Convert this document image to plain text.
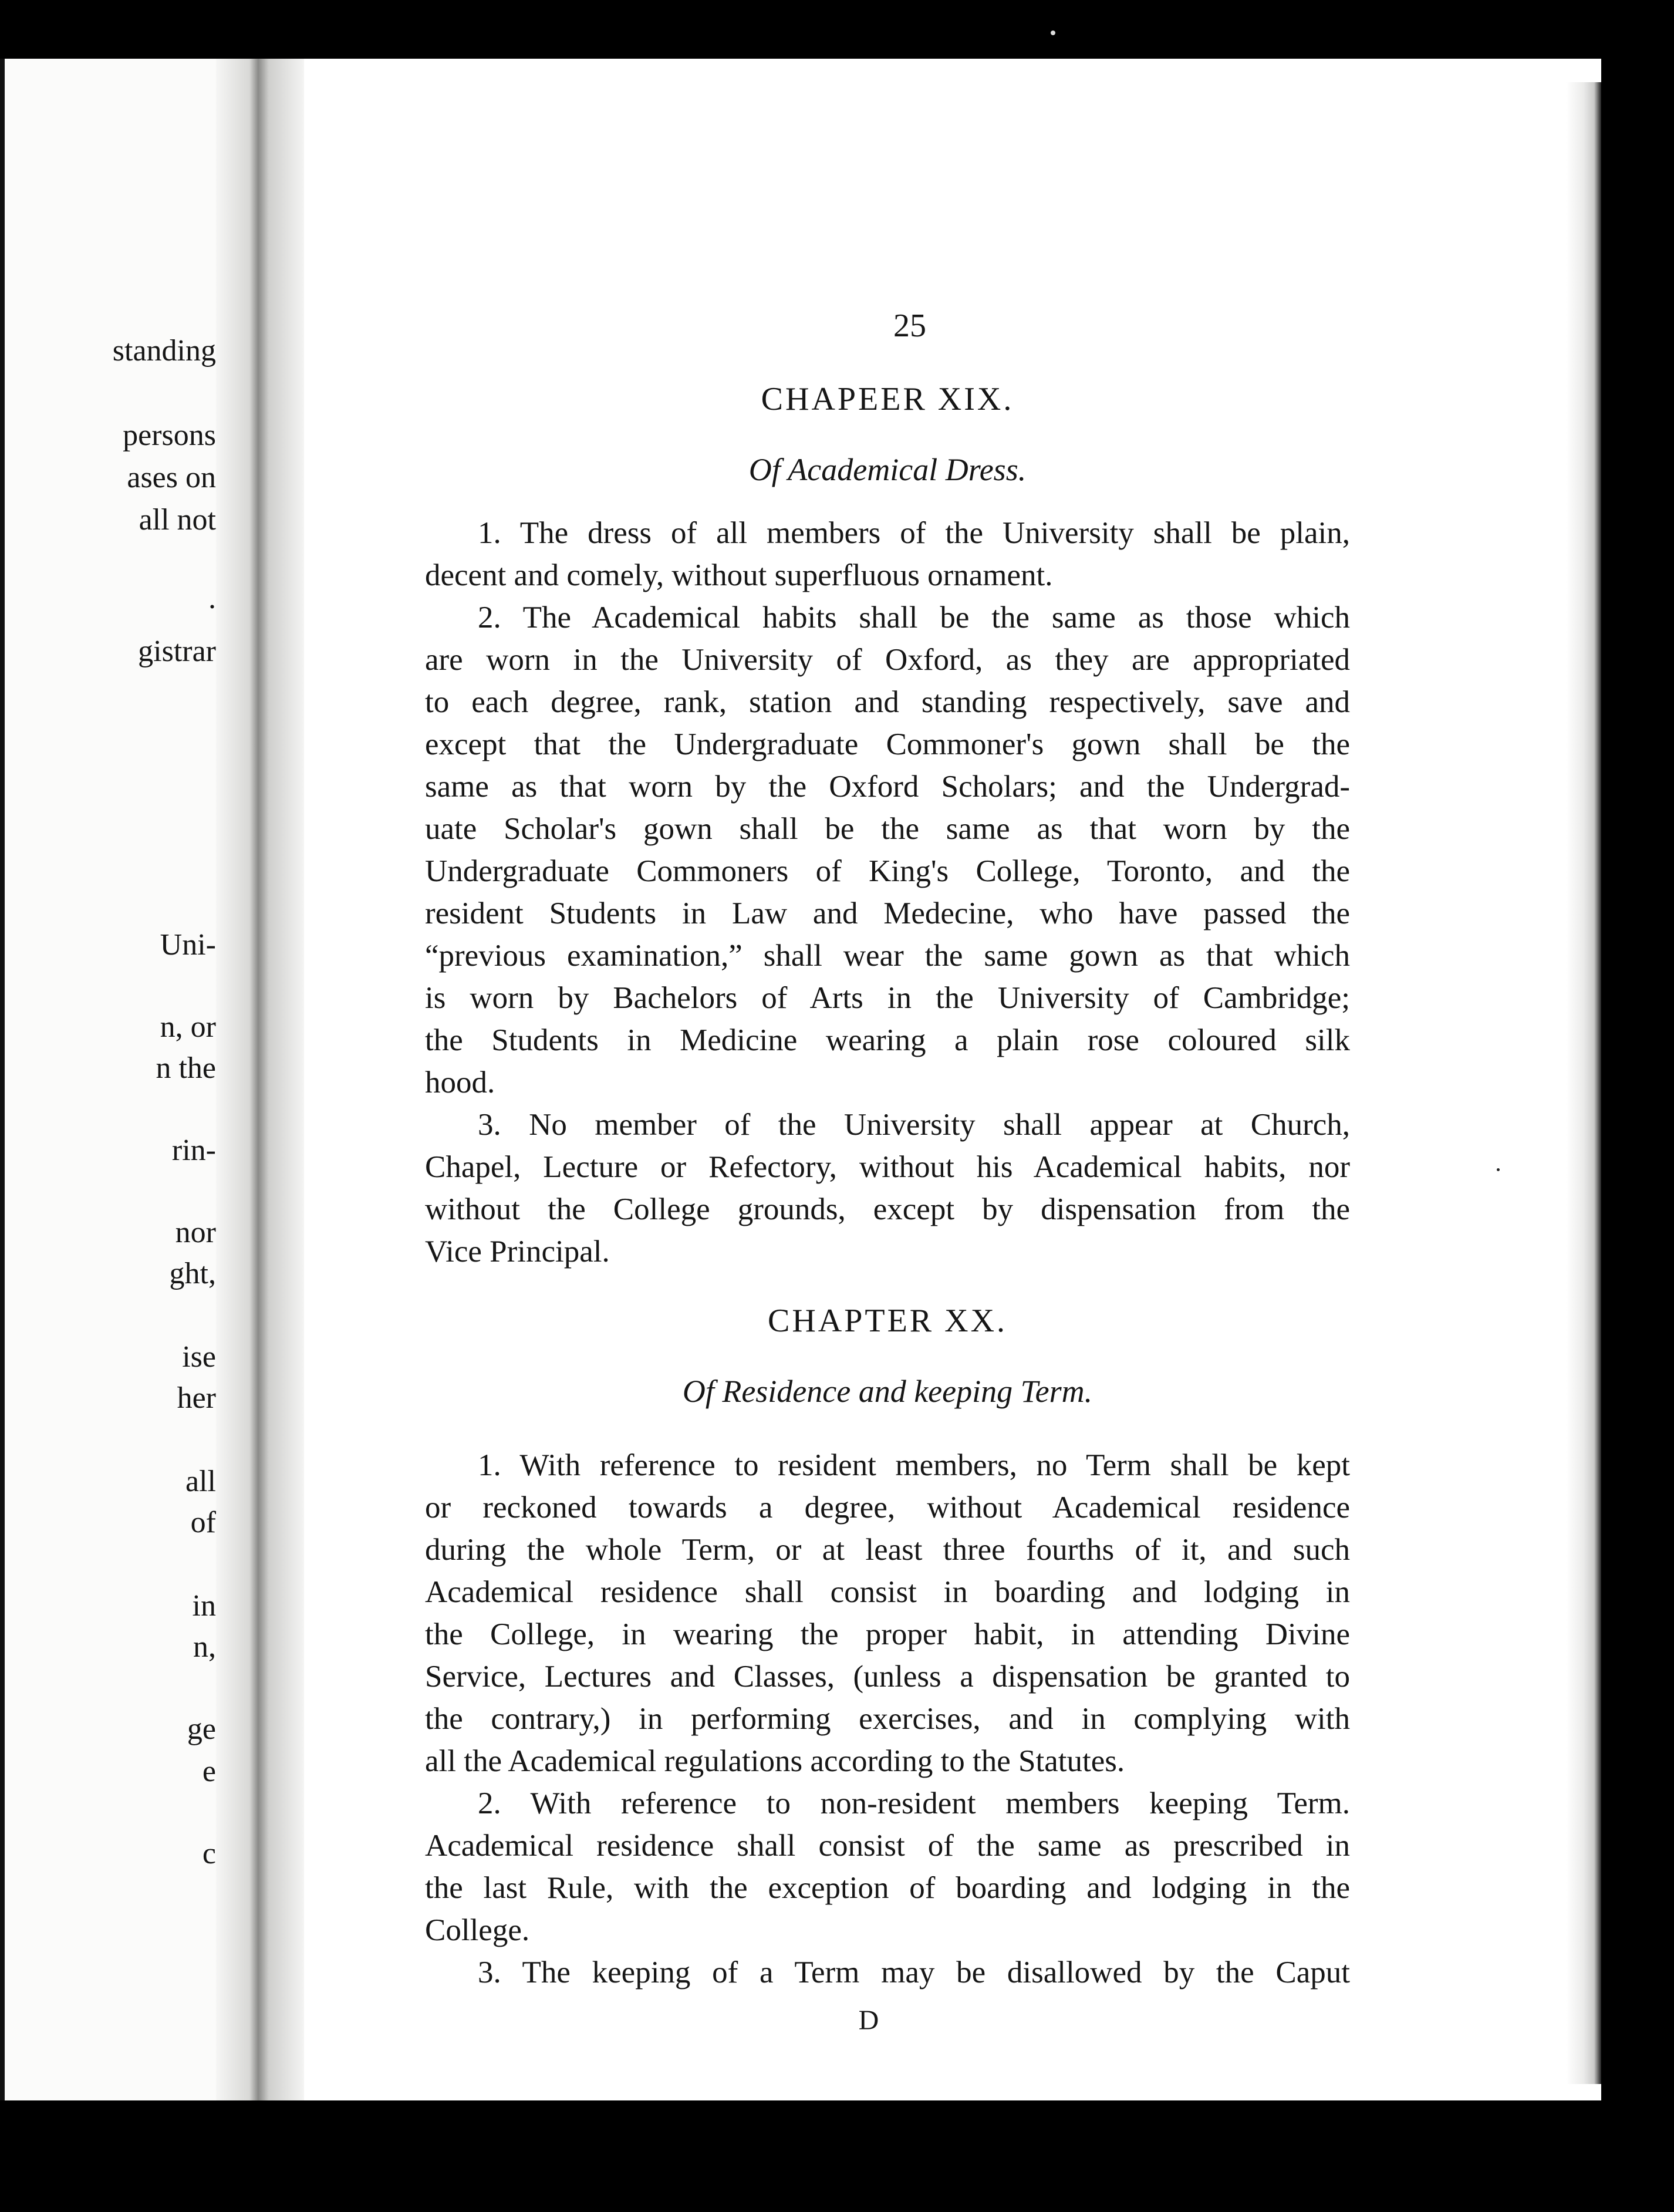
standing
persons
ases on
all not
.
gistrar
Uni-
n, or
n the
rin-
nor
ght,
ise
her
all
of
in
n,
ge
e
c
25
CHAPEER XIX.
Of Academical Dress.
1. The dress of all members of the University shall be plain,
decent and comely, without superfluous ornament.
2. The Academical habits shall be the same as those which
are worn in the University of Oxford, as they are appropriated
to each degree, rank, station and standing respectively, save and
except that the Undergraduate Commoner's gown shall be the
same as that worn by the Oxford Scholars; and the Undergrad-
uate Scholar's gown shall be the same as that worn by the
Undergraduate Commoners of King's College, Toronto, and the
resident Students in Law and Medecine, who have passed the
“previous examination,” shall wear the same gown as that which
is worn by Bachelors of Arts in the University of Cambridge;
the Students in Medicine wearing a plain rose coloured silk
hood.
3. No member of the University shall appear at Church,
Chapel, Lecture or Refectory, without his Academical habits, nor
without the College grounds, except by dispensation from the
Vice Principal.
CHAPTER XX.
Of Residence and keeping Term.
1. With reference to resident members, no Term shall be kept
or reckoned towards a degree, without Academical residence
during the whole Term, or at least three fourths of it, and such
Academical residence shall consist in boarding and lodging in
the College, in wearing the proper habit, in attending Divine
Service, Lectures and Classes, (unless a dispensation be granted to
the contrary,) in performing exercises, and in complying with
all the Academical regulations according to the Statutes.
2. With reference to non-resident members keeping Term.
Academical residence shall consist of the same as prescribed in
the last Rule, with the exception of boarding and lodging in the
College.
3. The keeping of a Term may be disallowed by the Caput
D
